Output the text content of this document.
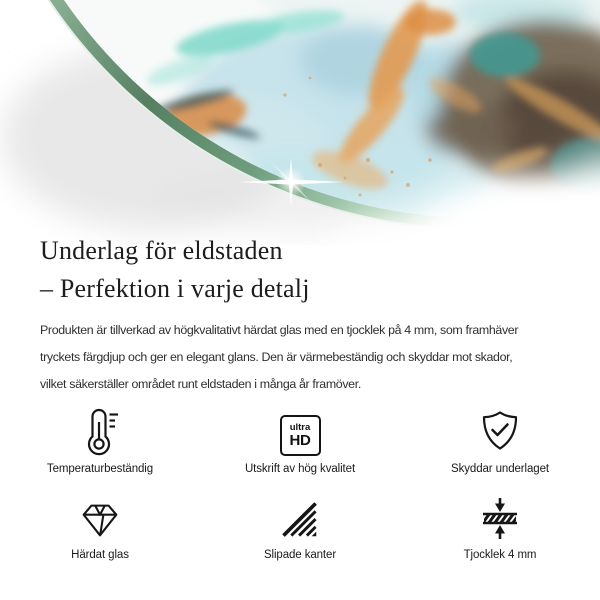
Underlag för eldstaden
– Perfektion i varje detalj
Produkten är tillverkad av högkvalitativt härdat glas med en tjocklek på 4 mm, som framhäver
tryckets färgdjup och ger en elegant glans. Den är värmebeständig och skyddar mot skador,
vilket säkerställer området runt eldstaden i många år framöver.
Temperaturbeständig
ultra
HD
Utskrift av hög kvalitet	Skyddar underlaget
Härdat glas	Slipade kanter	Tjocklek 4 mm
